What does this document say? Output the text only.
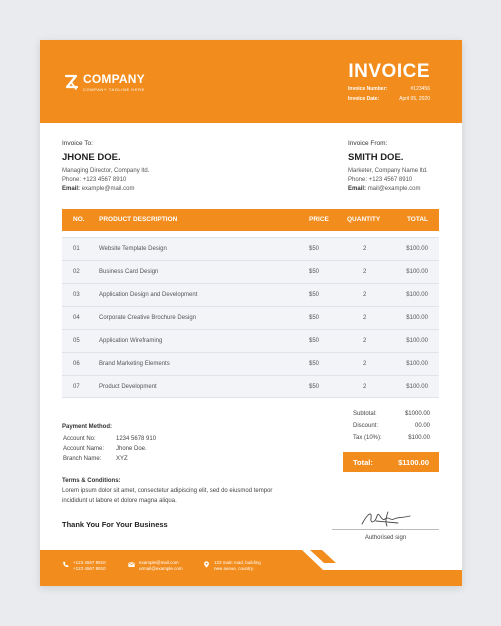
COMPANY
COMPANY TAGLINE HERE
INVOICE
Invoice Number:	#123456
Invoice Date:	April 05, 2020
Invoice To:
JHONE DOE.
Managing Director, Company ltd.
Phone: +123 4567 8910
Email: example@mail.com
Invoice From:
SMITH DOE.
Marketer, Company Name ltd.
Phone: +123 4567 8910
Email: mail@example.com
NO. PRODUCT DESCRIPTION	PRICE	QUANTITY	TOTAL
01	Website Template Design	$50	2	$100.00
02	Business Card Design	$50	2	$100.00
03	Application Design and Development	$50	2	$100.00
04	Corporate Creative Brochure Design	$50	2	$100.00
05	Application Wireframing	$50	2	$100.00
06	Brand Marketing Elements	$50	2	$100.00
07	Product Development	$50	2	$100.00
Payment Method:
Account No:	1234 5678 910
Account Name:	Jhone Doe.
Branch Name:	XYZ
Terms & Conditions:
Lorem ipsum dolor sit amet, consectetur adipiscing elit, sed do eiusmod tempor incididunt ut labore et dolore magna aliqua.
Thank You For Your Business
Subtotal:	$1000.00
Discount:	00.00
Tax (10%):	$100.00
Total:	$1100.00
Authorised sign
+123 4567 8910
+123 4567 8910
example@mail.com
urmail@example.com
123 main road, building
new aveue, country.
